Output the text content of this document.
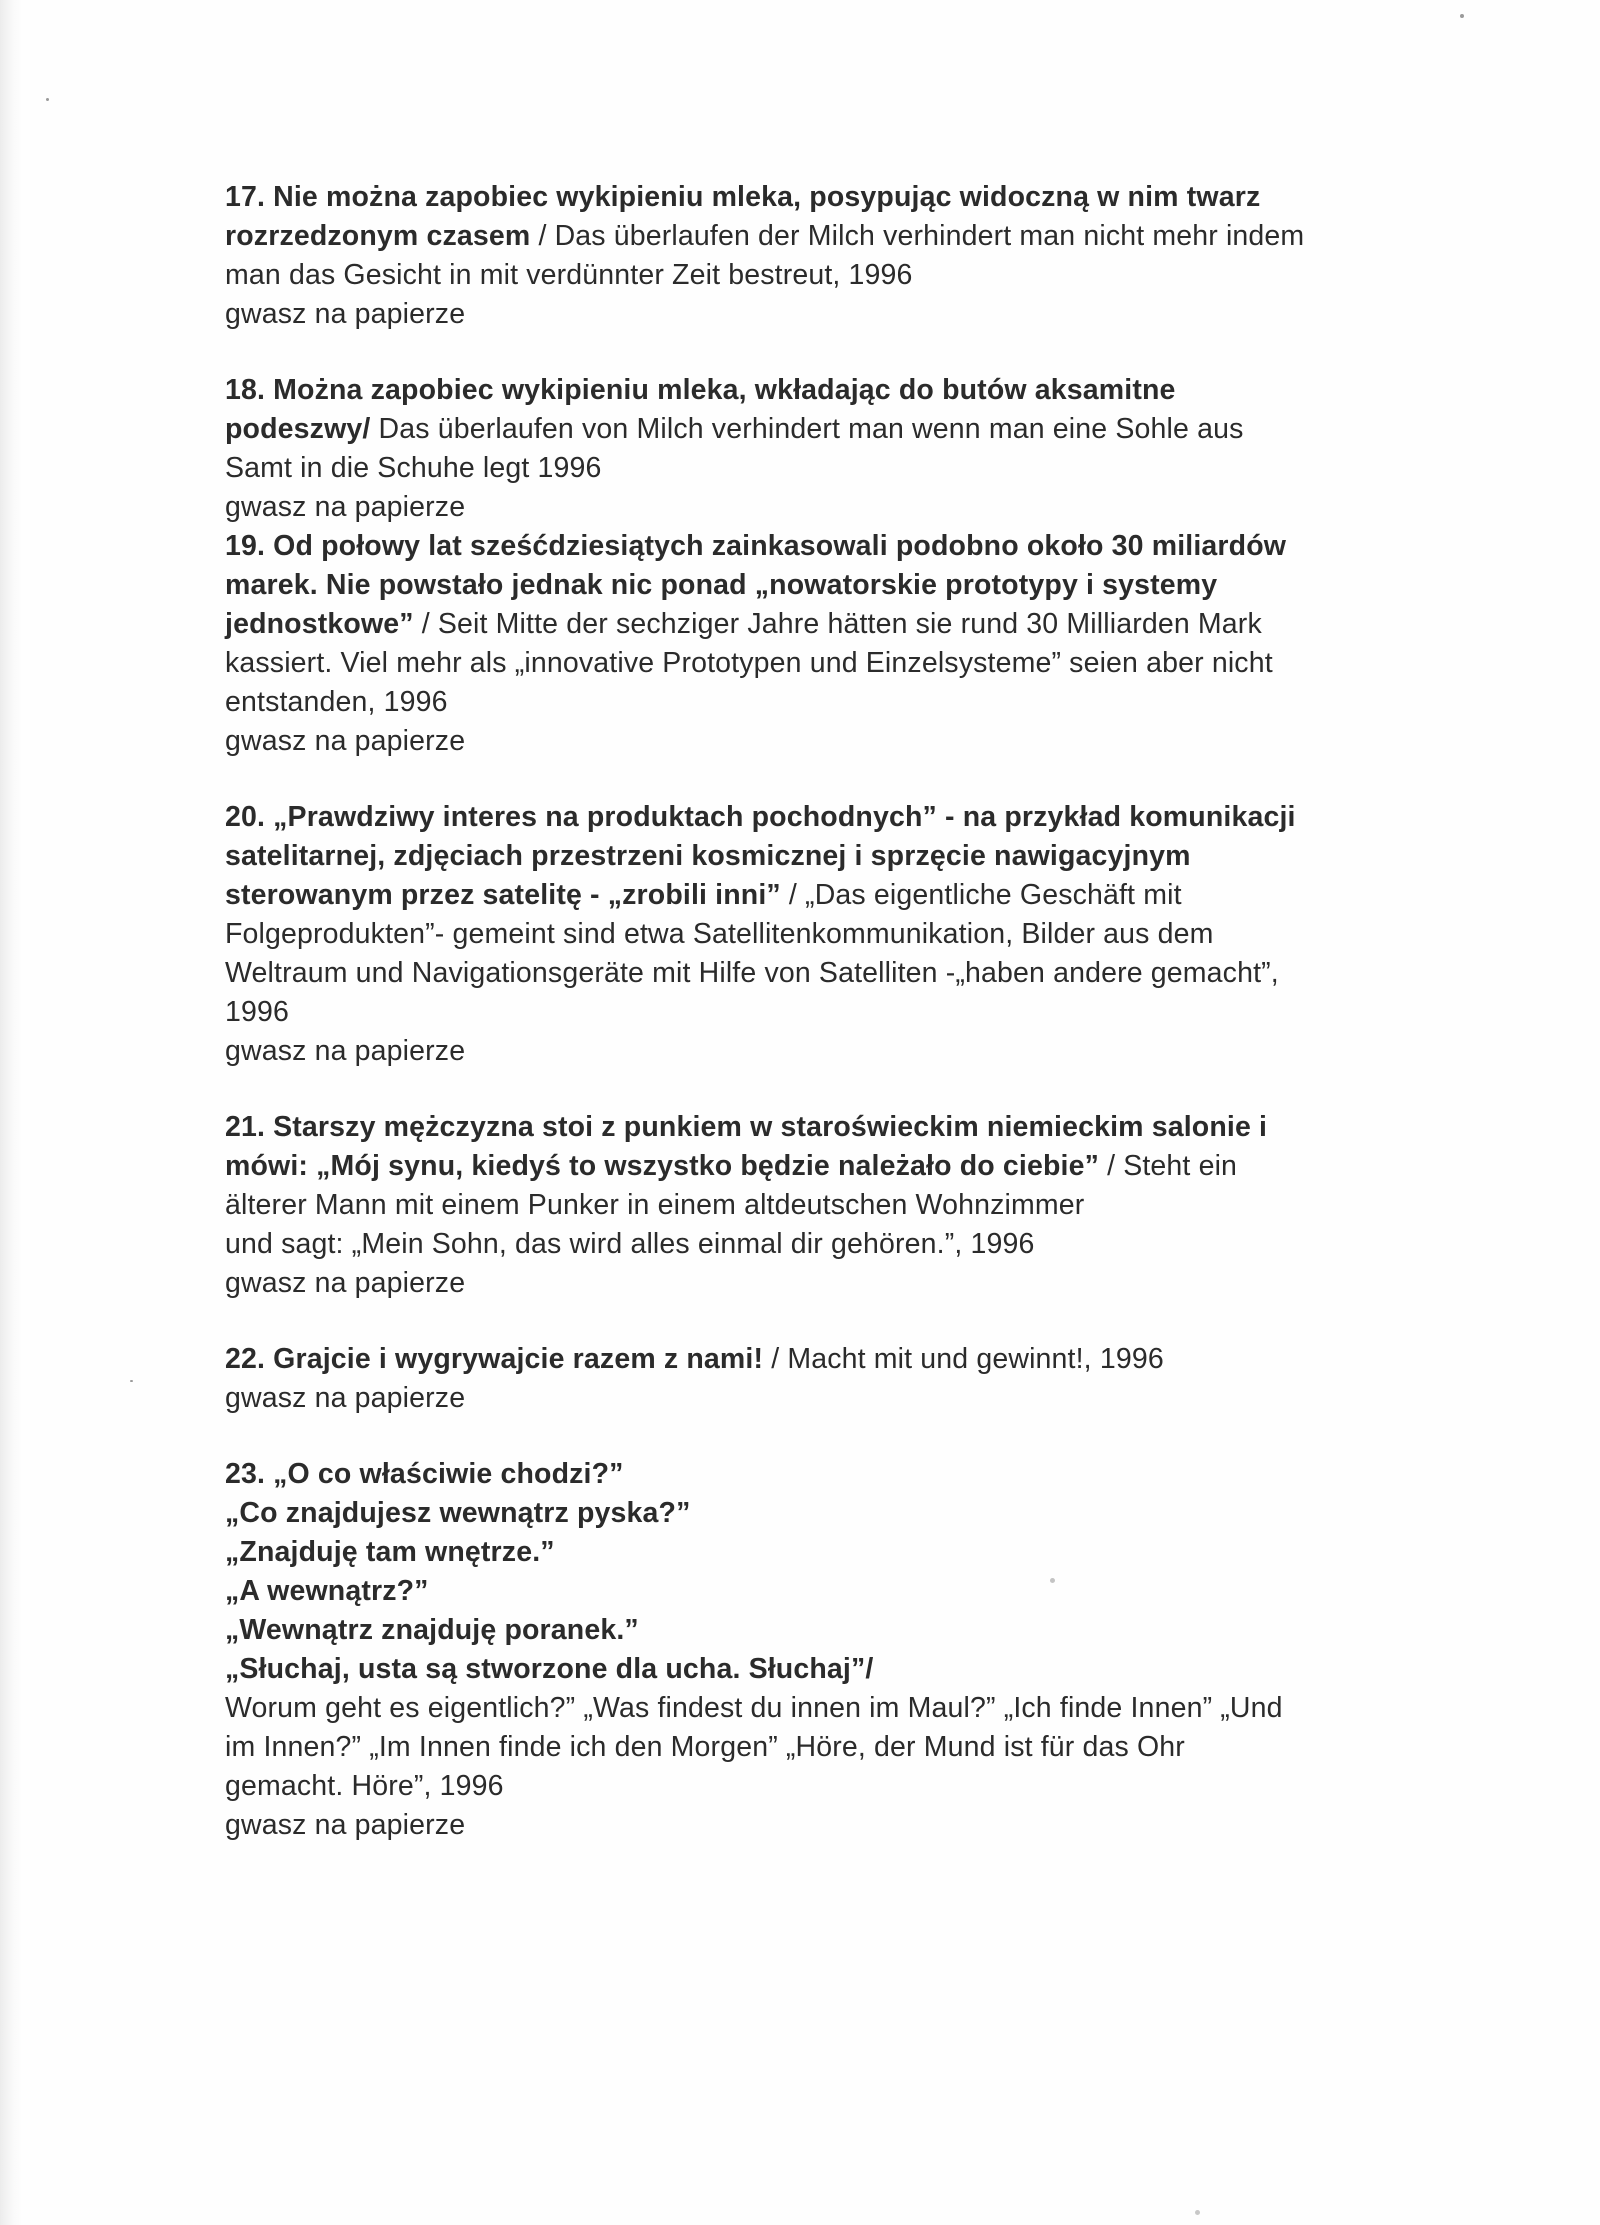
17. Nie można zapobiec wykipieniu mleka, posypując widoczną w nim twarz
rozrzedzonym czasem / Das überlaufen der Milch verhindert man nicht mehr indem
man das Gesicht in mit verdünnter Zeit bestreut, 1996
gwasz na papierze
18. Można zapobiec wykipieniu mleka, wkładając do butów aksamitne
podeszwy/ Das überlaufen von Milch verhindert man wenn man eine Sohle aus
Samt in die Schuhe legt 1996
gwasz na papierze
19. Od połowy lat sześćdziesiątych zainkasowali podobno około 30 miliardów
marek. Nie powstało jednak nic ponad „nowatorskie prototypy i systemy
jednostkowe” / Seit Mitte der sechziger Jahre hätten sie rund 30 Milliarden Mark
kassiert. Viel mehr als „innovative Prototypen und Einzelsysteme” seien aber nicht
entstanden, 1996
gwasz na papierze
20. „Prawdziwy interes na produktach pochodnych” - na przykład komunikacji
satelitarnej, zdjęciach przestrzeni kosmicznej i sprzęcie nawigacyjnym
sterowanym przez satelitę - „zrobili inni” / „Das eigentliche Geschäft mit
Folgeprodukten”- gemeint sind etwa Satellitenkommunikation, Bilder aus dem
Weltraum und Navigationsgeräte mit Hilfe von Satelliten -„haben andere gemacht”,
1996
gwasz na papierze
21. Starszy mężczyzna stoi z punkiem w staroświeckim niemieckim salonie i
mówi: „Mój synu, kiedyś to wszystko będzie należało do ciebie” / Steht ein
älterer Mann mit einem Punker in einem altdeutschen Wohnzimmer
und sagt: „Mein Sohn, das wird alles einmal dir gehören.”, 1996
gwasz na papierze
22. Grajcie i wygrywajcie razem z nami! / Macht mit und gewinnt!, 1996
gwasz na papierze
23. „O co właściwie chodzi?”
„Co znajdujesz wewnątrz pyska?”
„Znajduję tam wnętrze.”
„A wewnątrz?”
„Wewnątrz znajduję poranek.”
„Słuchaj, usta są stworzone dla ucha. Słuchaj”/
Worum geht es eigentlich?” „Was findest du innen im Maul?” „Ich finde Innen” „Und
im Innen?” „Im Innen finde ich den Morgen” „Höre, der Mund ist für das Ohr
gemacht. Höre”, 1996
gwasz na papierze
